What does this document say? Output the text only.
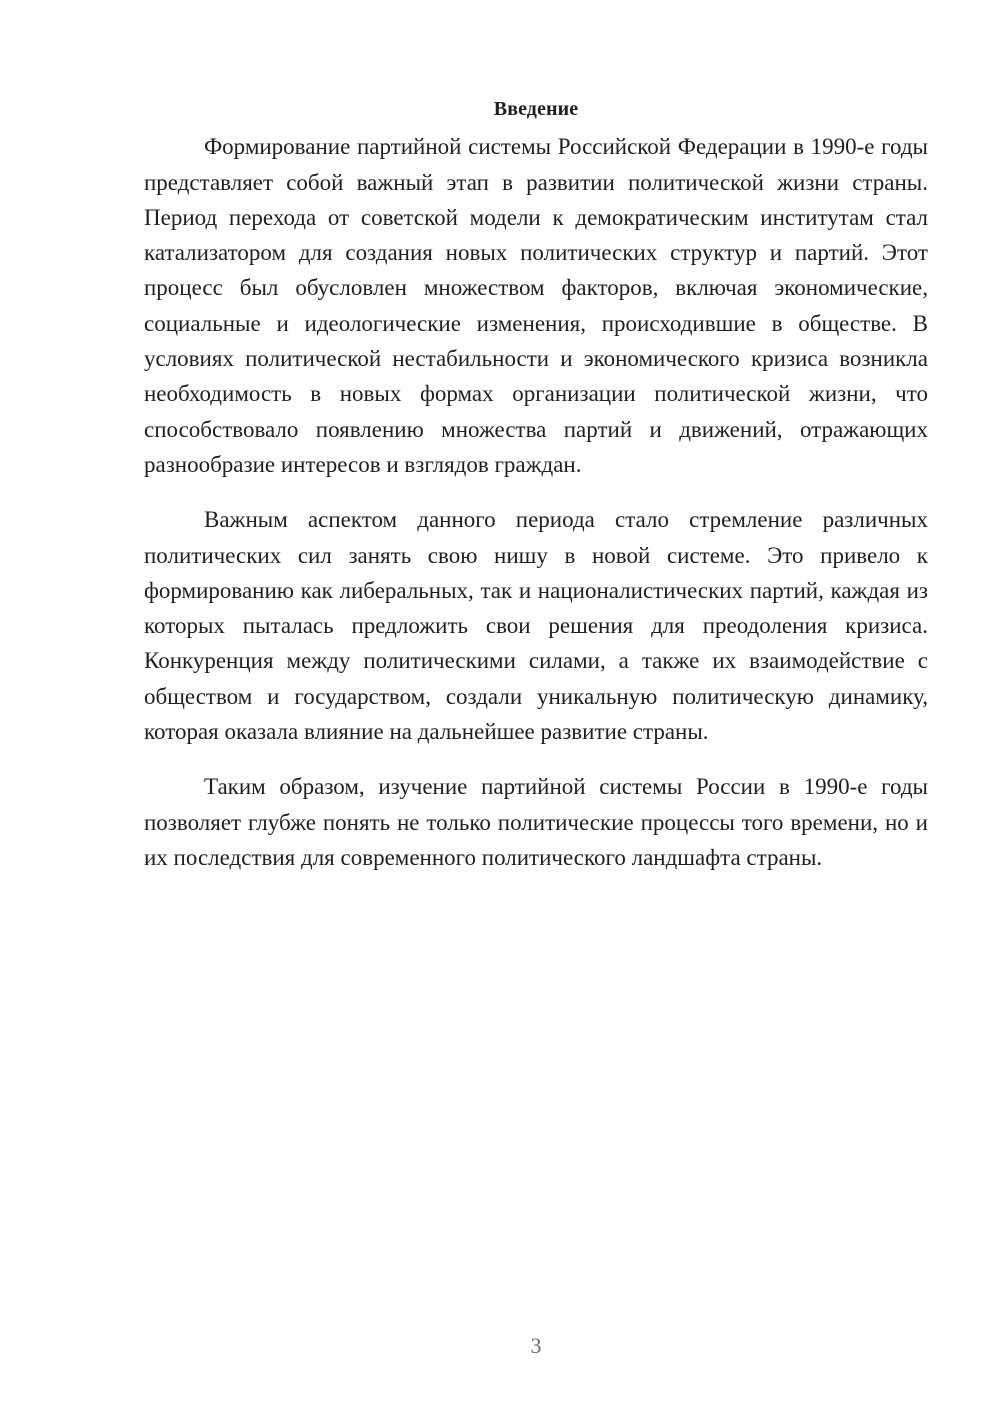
Введение

Формирование партийной системы Российской Федерации в 1990-е годы представляет собой важный этап в развитии политической жизни страны. Период перехода от советской модели к демократическим институтам стал катализатором для создания новых политических структур и партий. Этот процесс был обусловлен множеством факторов, включая экономические, социальные и идеологические изменения, происходившие в обществе. В условиях политической нестабильности и экономического кризиса возникла необходимость в новых формах организации политической жизни, что способствовало появлению множества партий и движений, отражающих разнообразие интересов и взглядов граждан.

Важным аспектом данного периода стало стремление различных политических сил занять свою нишу в новой системе. Это привело к формированию как либеральных, так и националистических партий, каждая из которых пыталась предложить свои решения для преодоления кризиса. Конкуренция между политическими силами, а также их взаимодействие с обществом и государством, создали уникальную политическую динамику, которая оказала влияние на дальнейшее развитие страны.

Таким образом, изучение партийной системы России в 1990-е годы позволяет глубже понять не только политические процессы того времени, но и их последствия для современного политического ландшафта страны.

3
